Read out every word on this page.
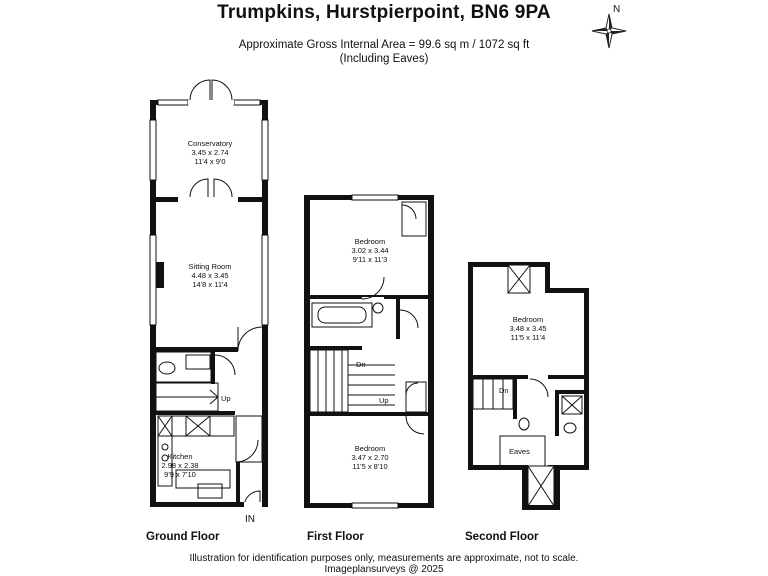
Trumpkins, Hurstpierpoint, BN6 9PA
Approximate Gross Internal Area = 99.6 sq m / 1072 sq ft
(Including Eaves)
N
Conservatory
3.45 x 2.74
11'4 x 9'0
Sitting Room
4.48 x 3.45
14'8 x 11'4
Up
Kitchen
2.98 x 2.38
9'9 x 7'10
IN
Ground Floor
Bedroom
3.02 x 3.44
9'11 x 11'3
Dn
Up
Bedroom
3.47 x 2.70
11'5 x 8'10
First Floor
Bedroom
3.48 x 3.45
11'5 x 11'4
Dn
Eaves
Second Floor
Illustration for identification purposes only, measurements are approximate, not to scale.
Imageplansurveys @ 2025
